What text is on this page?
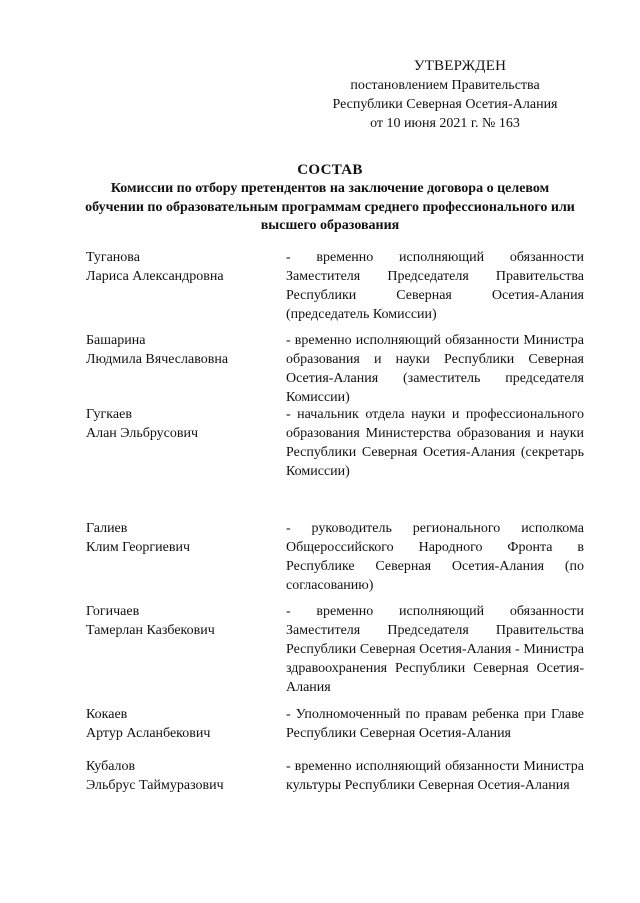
УТВЕРЖДЕН
постановлением Правительства
Республики Северная Осетия-Алания
от 10 июня 2021 г. № 163
СОСТАВ
Комиссии по отбору претендентов на заключение договора о целевом обучении по образовательным программам среднего профессионального или высшего образования
Туганова
Лариса Александровна
- временно исполняющий обязанности Заместителя Председателя Правительства Республики Северная Осетия-Алания (председатель Комиссии)
Башарина
Людмила Вячеславовна
- временно исполняющий обязанности Министра образования и науки Республики Северная Осетия-Алания (заместитель председателя Комиссии)
Гугкаев
Алан Эльбрусович
- начальник отдела науки и профессионального образования Министерства образования и науки Республики Северная Осетия-Алания (секретарь Комиссии)
Галиев
Клим Георгиевич
- руководитель регионального исполкома Общероссийского Народного Фронта в Республике Северная Осетия-Алания (по согласованию)
Гогичаев
Тамерлан Казбекович
- временно исполняющий обязанности Заместителя Председателя Правительства Республики Северная Осетия-Алания - Министра здравоохранения Республики Северная Осетия-Алания
Кокаев
Артур Асланбекович
- Уполномоченный по правам ребенка при Главе Республики Северная Осетия-Алания
Кубалов
Эльбрус Таймуразович
- временно исполняющий обязанности Министра культуры Республики Северная Осетия-Алания
